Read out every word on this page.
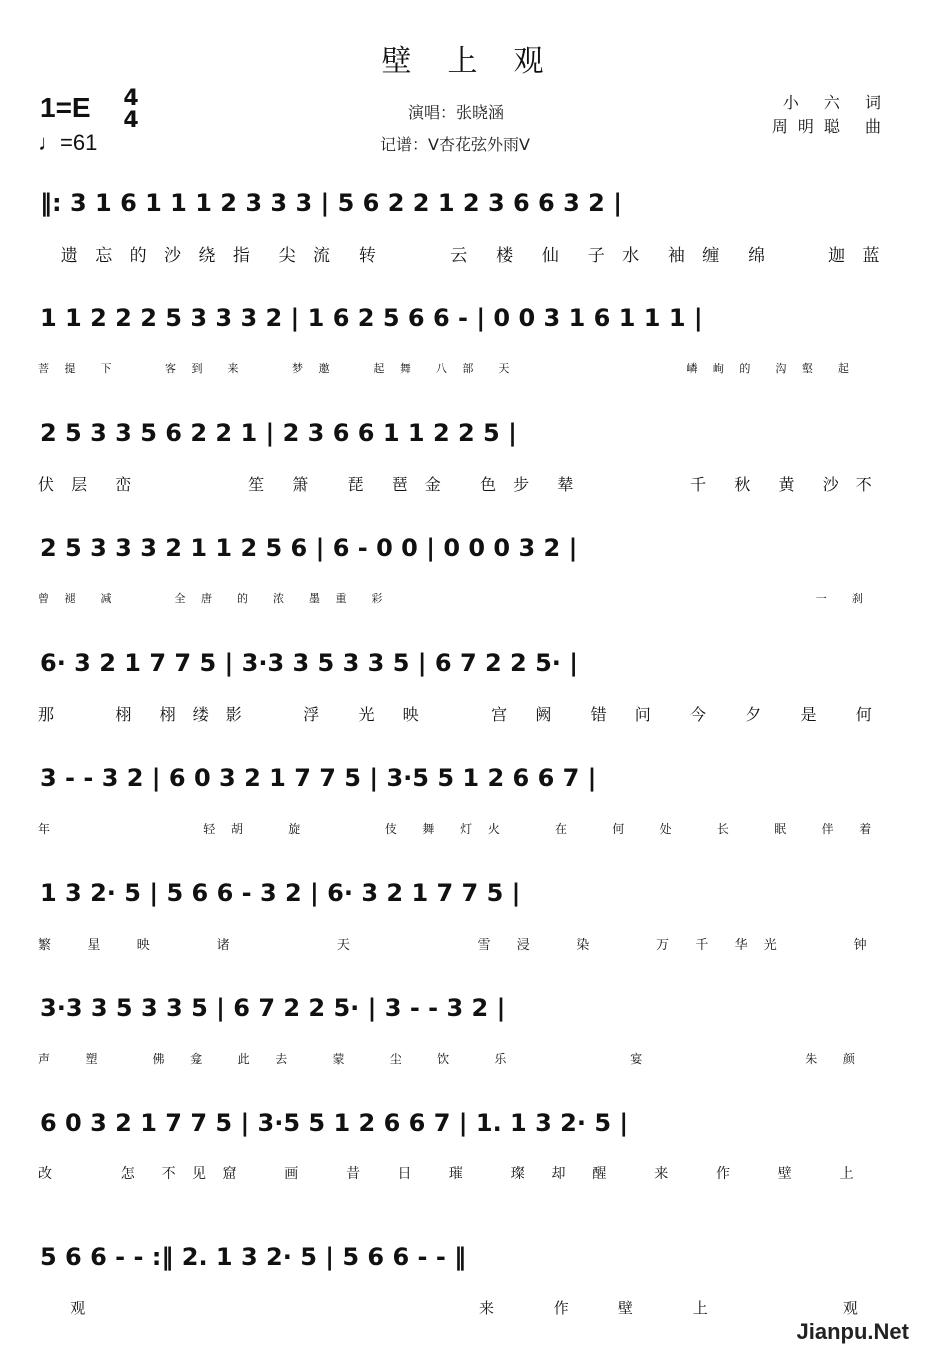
壁上观
1=E 4
4
♩=61
演唱：张晓涵
记谱：V杏花弦外雨V
小 六 词
周明聪 曲
‖: 3 1 6 1 1 1 2 3 3 3 | 5 6 2 2 1 2 3 6 6 3 2 |
遗 忘 的 沙 绕 指  尖 流  转      云  楼  仙  子 水  袖 缠  绵     迦 蓝
1 1 2 2 2 5 3 3 3 2 | 1 6 2 5 6 6 - | 0 0 3 1 6 1 1 1 |
菩 提  下     客 到  来     梦 邀    起 舞  八 部  天                  嶙 峋 的  沟 壑  起
2 5 3 3 5 6 2 2 1 | 2 3 6 6 1 1 2 2 5 |
伏 层  峦          笙  箫   琵  琶 金   色 步  辇          千  秋  黄  沙 不
2 5 3 3 3 2 1 1 2 5 6 | 6 - 0 0 | 0 0 0 3 2 |
曾 褪  减      全 唐  的  浓  墨 重  彩                                             一  刹
6· 3 2 1 7 7 5 | 3·3 3 5 3 3 5 | 6 7 2 2 5· |
那     栩  栩 缕 影     浮   光  映      宫  阙   错  问   今   夕   是   何
3 - - 3 2 | 6 0 3 2 1 7 7 5 | 3·5 5 1 2 6 6 7 |
年               轻 胡    旋        伎  舞  灯 火     在    何   处    长    眠   伴  着
1 3 2· 5 | 5 6 6 - 3 2 | 6· 3 2 1 7 7 5 |
繁   星   映      诸          天            雪  浸    染      万  千  华 光       钟
3·3 3 5 3 3 5 | 6 7 2 2 5· | 3 - - 3 2 |
声   塑     佛  龛   此  去    蒙    尘   饮    乐            宴                朱  颜
6 0 3 2 1 7 7 5 | 3·5 5 1 2 6 6 7 | 1. 1 3 2· 5 |
改      怎  不 见 窟    画    昔   日   璀    璨  却  醒    来    作    壁    上
5 6 6 - - :‖ 2. 1 3 2· 5 | 5 6 6 - - ‖
观                                    来     作    壁     上            观
Jianpu.Net
